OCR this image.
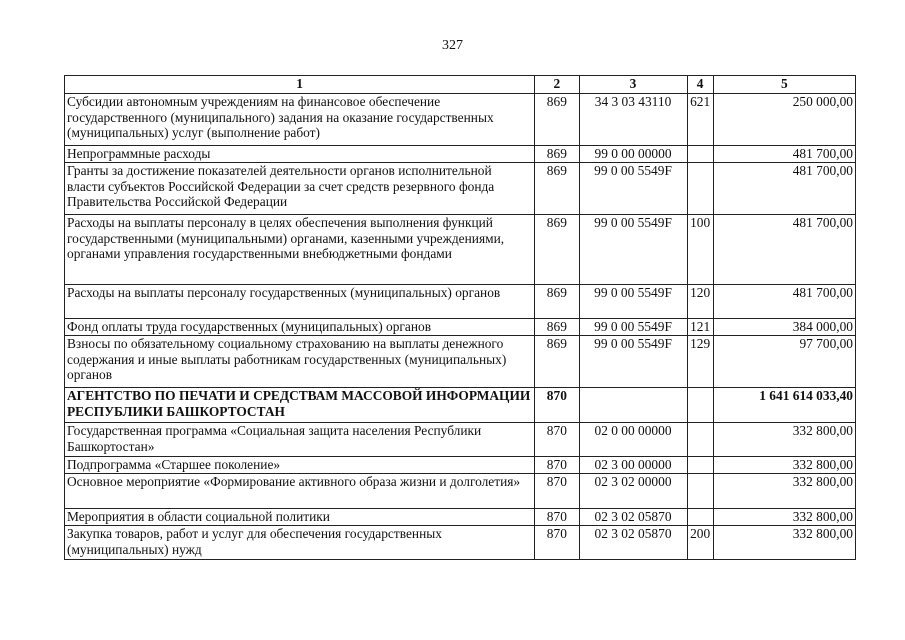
327
1	2	3	4	5
Субсидии автономным учреждениям на финансовое обеспечение государственного (муниципального) задания на оказание государственных (муниципальных) услуг (выполнение работ)	869	34 3 03 43110	621	250 000,00
Непрограммные расходы	869	99 0 00 00000		481 700,00
Гранты за достижение показателей деятельности органов исполнительной власти субъектов Российской Федерации за счет средств резервного фонда Правительства Российской Федерации	869	99 0 00 5549F		481 700,00
Расходы на выплаты персоналу в целях обеспечения выполнения функций государственными (муниципальными) органами, казенными учреждениями, органами управления государственными внебюджетными фондами	869	99 0 00 5549F	100	481 700,00
Расходы на выплаты персоналу государственных (муниципальных) органов	869	99 0 00 5549F	120	481 700,00
Фонд оплаты труда государственных (муниципальных) органов	869	99 0 00 5549F	121	384 000,00
Взносы по обязательному социальному страхованию на выплаты денежного содержания и иные выплаты работникам государственных (муниципальных) органов	869	99 0 00 5549F	129	97 700,00
АГЕНТСТВО ПО ПЕЧАТИ И СРЕДСТВАМ МАССОВОЙ ИНФОРМАЦИИ РЕСПУБЛИКИ БАШКОРТОСТАН	870			1 641 614 033,40
Государственная программа «Социальная защита населения Республики Башкортостан»	870	02 0 00 00000		332 800,00
Подпрограмма «Старшее поколение»	870	02 3 00 00000		332 800,00
Основное мероприятие «Формирование активного образа жизни и долголетия»	870	02 3 02 00000		332 800,00
Мероприятия в области социальной политики	870	02 3 02 05870		332 800,00
Закупка товаров, работ и услуг для обеспечения государственных (муниципальных) нужд	870	02 3 02 05870	200	332 800,00
